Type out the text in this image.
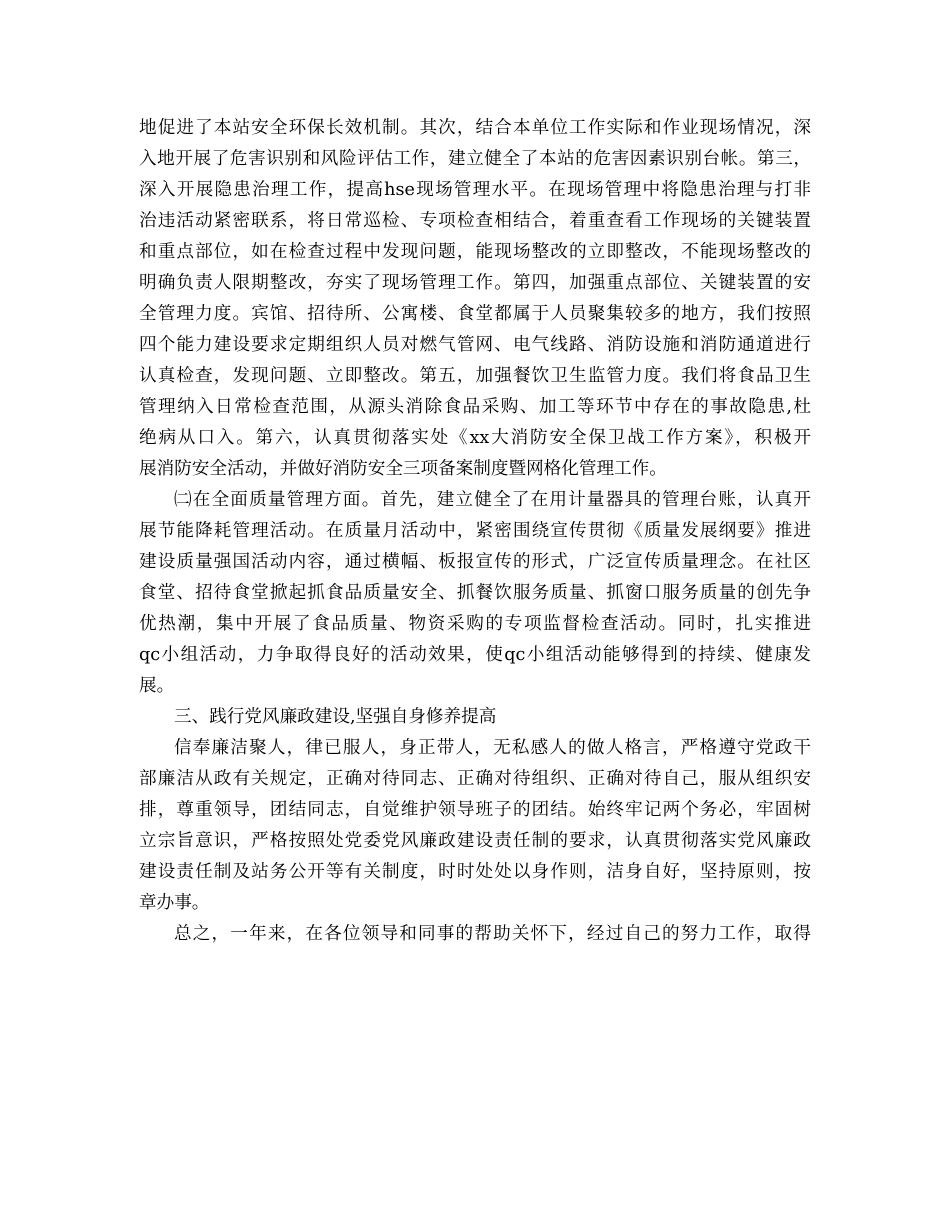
地促进了本站安全环保长效机制。其次，结合本单位工作实际和作业现场情况，深
入地开展了危害识别和风险评估工作，建立健全了本站的危害因素识别台帐。第三，
深入开展隐患治理工作，提高hse现场管理水平。在现场管理中将隐患治理与打非
治违活动紧密联系，将日常巡检、专项检查相结合，着重查看工作现场的关键装置
和重点部位，如在检查过程中发现问题，能现场整改的立即整改，不能现场整改的
明确负责人限期整改，夯实了现场管理工作。第四，加强重点部位、关键装置的安
全管理力度。宾馆、招待所、公寓楼、食堂都属于人员聚集较多的地方，我们按照
四个能力建设要求定期组织人员对燃气管网、电气线路、消防设施和消防通道进行
认真检查，发现问题、立即整改。第五，加强餐饮卫生监管力度。我们将食品卫生
管理纳入日常检查范围，从源头消除食品采购、加工等环节中存在的事故隐患,杜
绝病从口入。第六，认真贯彻落实处《xx大消防安全保卫战工作方案》，积极开
展消防安全活动，并做好消防安全三项备案制度暨网格化管理工作。
㈡在全面质量管理方面。首先，建立健全了在用计量器具的管理台账，认真开
展节能降耗管理活动。在质量月活动中，紧密围绕宣传贯彻《质量发展纲要》推进
建设质量强国活动内容，通过横幅、板报宣传的形式，广泛宣传质量理念。在社区
食堂、招待食堂掀起抓食品质量安全、抓餐饮服务质量、抓窗口服务质量的创先争
优热潮，集中开展了食品质量、物资采购的专项监督检查活动。同时，扎实推进
qc小组活动，力争取得良好的活动效果，使qc小组活动能够得到的持续、健康发
展。
三、践行党风廉政建设,坚强自身修养提高
信奉廉洁聚人，律已服人，身正带人，无私感人的做人格言，严格遵守党政干
部廉洁从政有关规定，正确对待同志、正确对待组织、正确对待自己，服从组织安
排，尊重领导，团结同志，自觉维护领导班子的团结。始终牢记两个务必，牢固树
立宗旨意识，严格按照处党委党风廉政建设责任制的要求，认真贯彻落实党风廉政
建设责任制及站务公开等有关制度，时时处处以身作则，洁身自好，坚持原则，按
章办事。
总之，一年来，在各位领导和同事的帮助关怀下，经过自己的努力工作，取得
